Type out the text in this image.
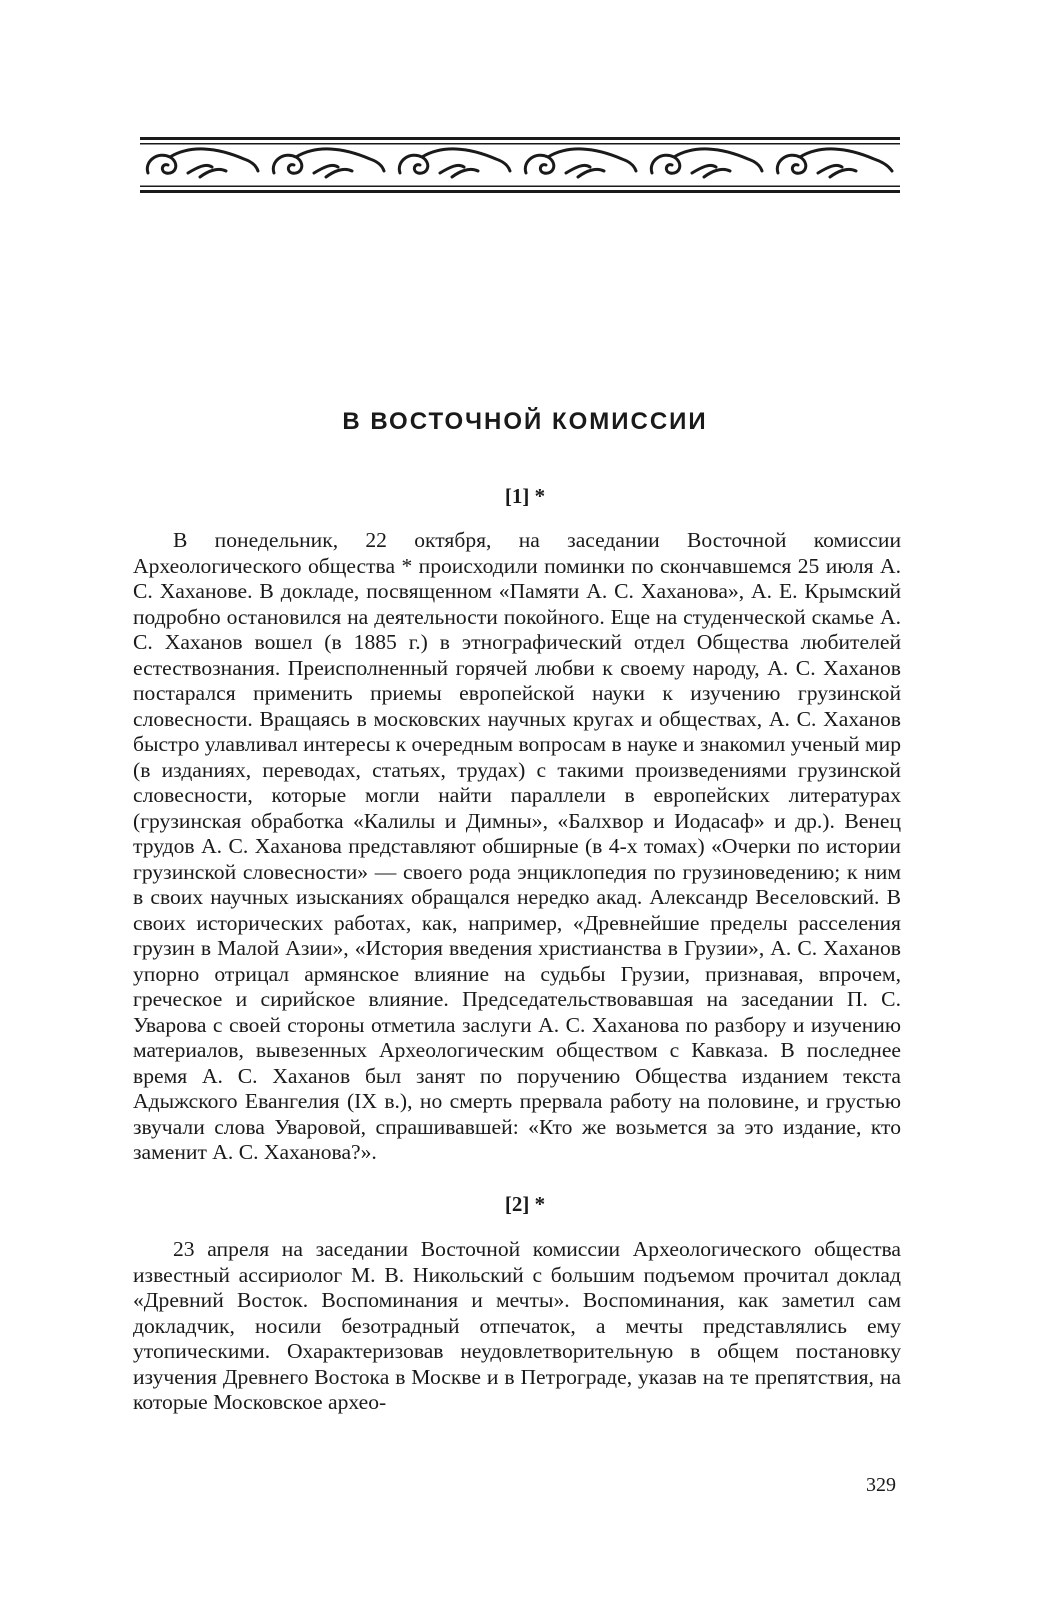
В ВОСТОЧНОЙ КОМИССИИ
[1] *

В понедельник, 22 октября, на заседании Восточной комиссии Археологического общества * происходили поминки по скончавшемся 25 июля А. С. Хахановe. В докладе, посвященном «Памяти А. С. Хаханова», А. Е. Крымский подробно остановился на деятельности покойного. Еще на студенческой скамье А. С. Хаханов вошел (в 1885 г.) в этнографический отдел Общества любителей естествознания. Преисполненный горячей любви к своему народу, А. С. Хаханов постарался применить приемы европейской науки к изучению грузинской словесности. Вращаясь в московских научных кругах и обществах, А. С. Хаханов быстро улавливал интересы к очередным вопросам в науке и знакомил ученый мир (в изданиях, переводах, статьях, трудах) с такими произведениями грузинской словесности, которые могли найти параллели в европейских литературах (грузинская обработка «Калилы и Димны», «Балхвор и Иодасаф» и др.). Венец трудов А. С. Хаханова представляют обширные (в 4-х томах) «Очерки по истории грузинской словесности» — своего рода энциклопедия по грузиноведению; к ним в своих научных изысканиях обращался нередко акад. Александр Веселовский. В своих исторических работах, как, например, «Древнейшие пределы расселения грузин в Малой Азии», «История введения христианства в Грузии», А. С. Хаханов упорно отрицал армянское влияние на судьбы Грузии, признавая, впрочем, греческое и сирийское влияние. Председательствовавшая на заседании П. С. Уварова с своей стороны отметила заслуги А. С. Хаханова по разбору и изучению материалов, вывезенных Археологическим обществом с Кавказа. В последнее время А. С. Хаханов был занят по поручению Общества изданием текста Адыжского Евангелия (IX в.), но смерть прервала работу на половине, и грустью звучали слова Уваровой, спрашивавшей: «Кто же возьмется за это издание, кто заменит А. С. Хаханова?».

[2] *

23 апреля на заседании Восточной комиссии Археологического общества известный ассириолог М. В. Никольский с большим подъемом прочитал доклад «Древний Восток. Воспоминания и мечты». Воспоминания, как заметил сам докладчик, носили безотрадный отпечаток, а мечты представлялись ему утопическими. Охарактеризовав неудовлетворительную в общем постановку изучения Древнего Востока в Москве и в Петрограде, указав на те препятствия, на которые Московское архео-

329
